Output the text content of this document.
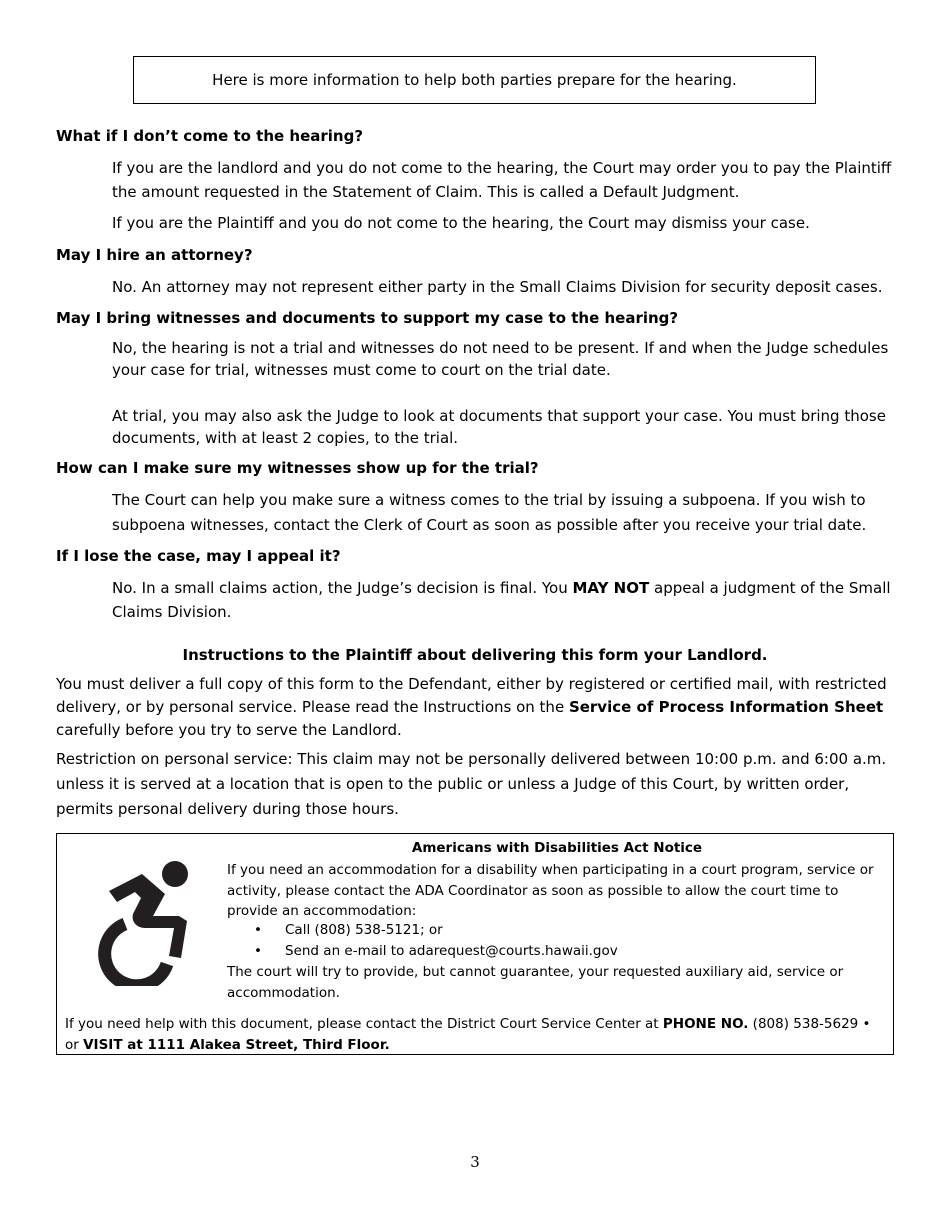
Here is more information to help both parties prepare for the hearing.
What if I don’t come to the hearing?
If you are the landlord and you do not come to the hearing, the Court may order you to pay the Plaintiff the amount requested in the Statement of Claim. This is called a Default Judgment.
If you are the Plaintiff and you do not come to the hearing, the Court may dismiss your case.
May I hire an attorney?
No. An attorney may not represent either party in the Small Claims Division for security deposit cases.
May I bring witnesses and documents to support my case to the hearing?
No, the hearing is not a trial and witnesses do not need to be present. If and when the Judge schedules your case for trial, witnesses must come to court on the trial date.
At trial, you may also ask the Judge to look at documents that support your case. You must bring those documents, with at least 2 copies, to the trial.
How can I make sure my witnesses show up for the trial?
The Court can help you make sure a witness comes to the trial by issuing a subpoena. If you wish to subpoena witnesses, contact the Clerk of Court as soon as possible after you receive your trial date.
If I lose the case, may I appeal it?
No. In a small claims action, the Judge’s decision is final. You MAY NOT appeal a judgment of the Small Claims Division.
Instructions to the Plaintiff about delivering this form your Landlord.
You must deliver a full copy of this form to the Defendant, either by registered or certified mail, with restricted delivery, or by personal service. Please read the Instructions on the Service of Process Information Sheet carefully before you try to serve the Landlord.
Restriction on personal service: This claim may not be personally delivered between 10:00 p.m. and 6:00 a.m. unless it is served at a location that is open to the public or unless a Judge of this Court, by written order, permits personal delivery during those hours.
Americans with Disabilities Act Notice
If you need an accommodation for a disability when participating in a court program, service or activity, please contact the ADA Coordinator as soon as possible to allow the court time to provide an accommodation:
• Call (808) 538-5121; or
• Send an e-mail to adarequest@courts.hawaii.gov
The court will try to provide, but cannot guarantee, your requested auxiliary aid, service or accommodation.
If you need help with this document, please contact the District Court Service Center at PHONE NO. (808) 538-5629 • or VISIT at 1111 Alakea Street, Third Floor.
3
